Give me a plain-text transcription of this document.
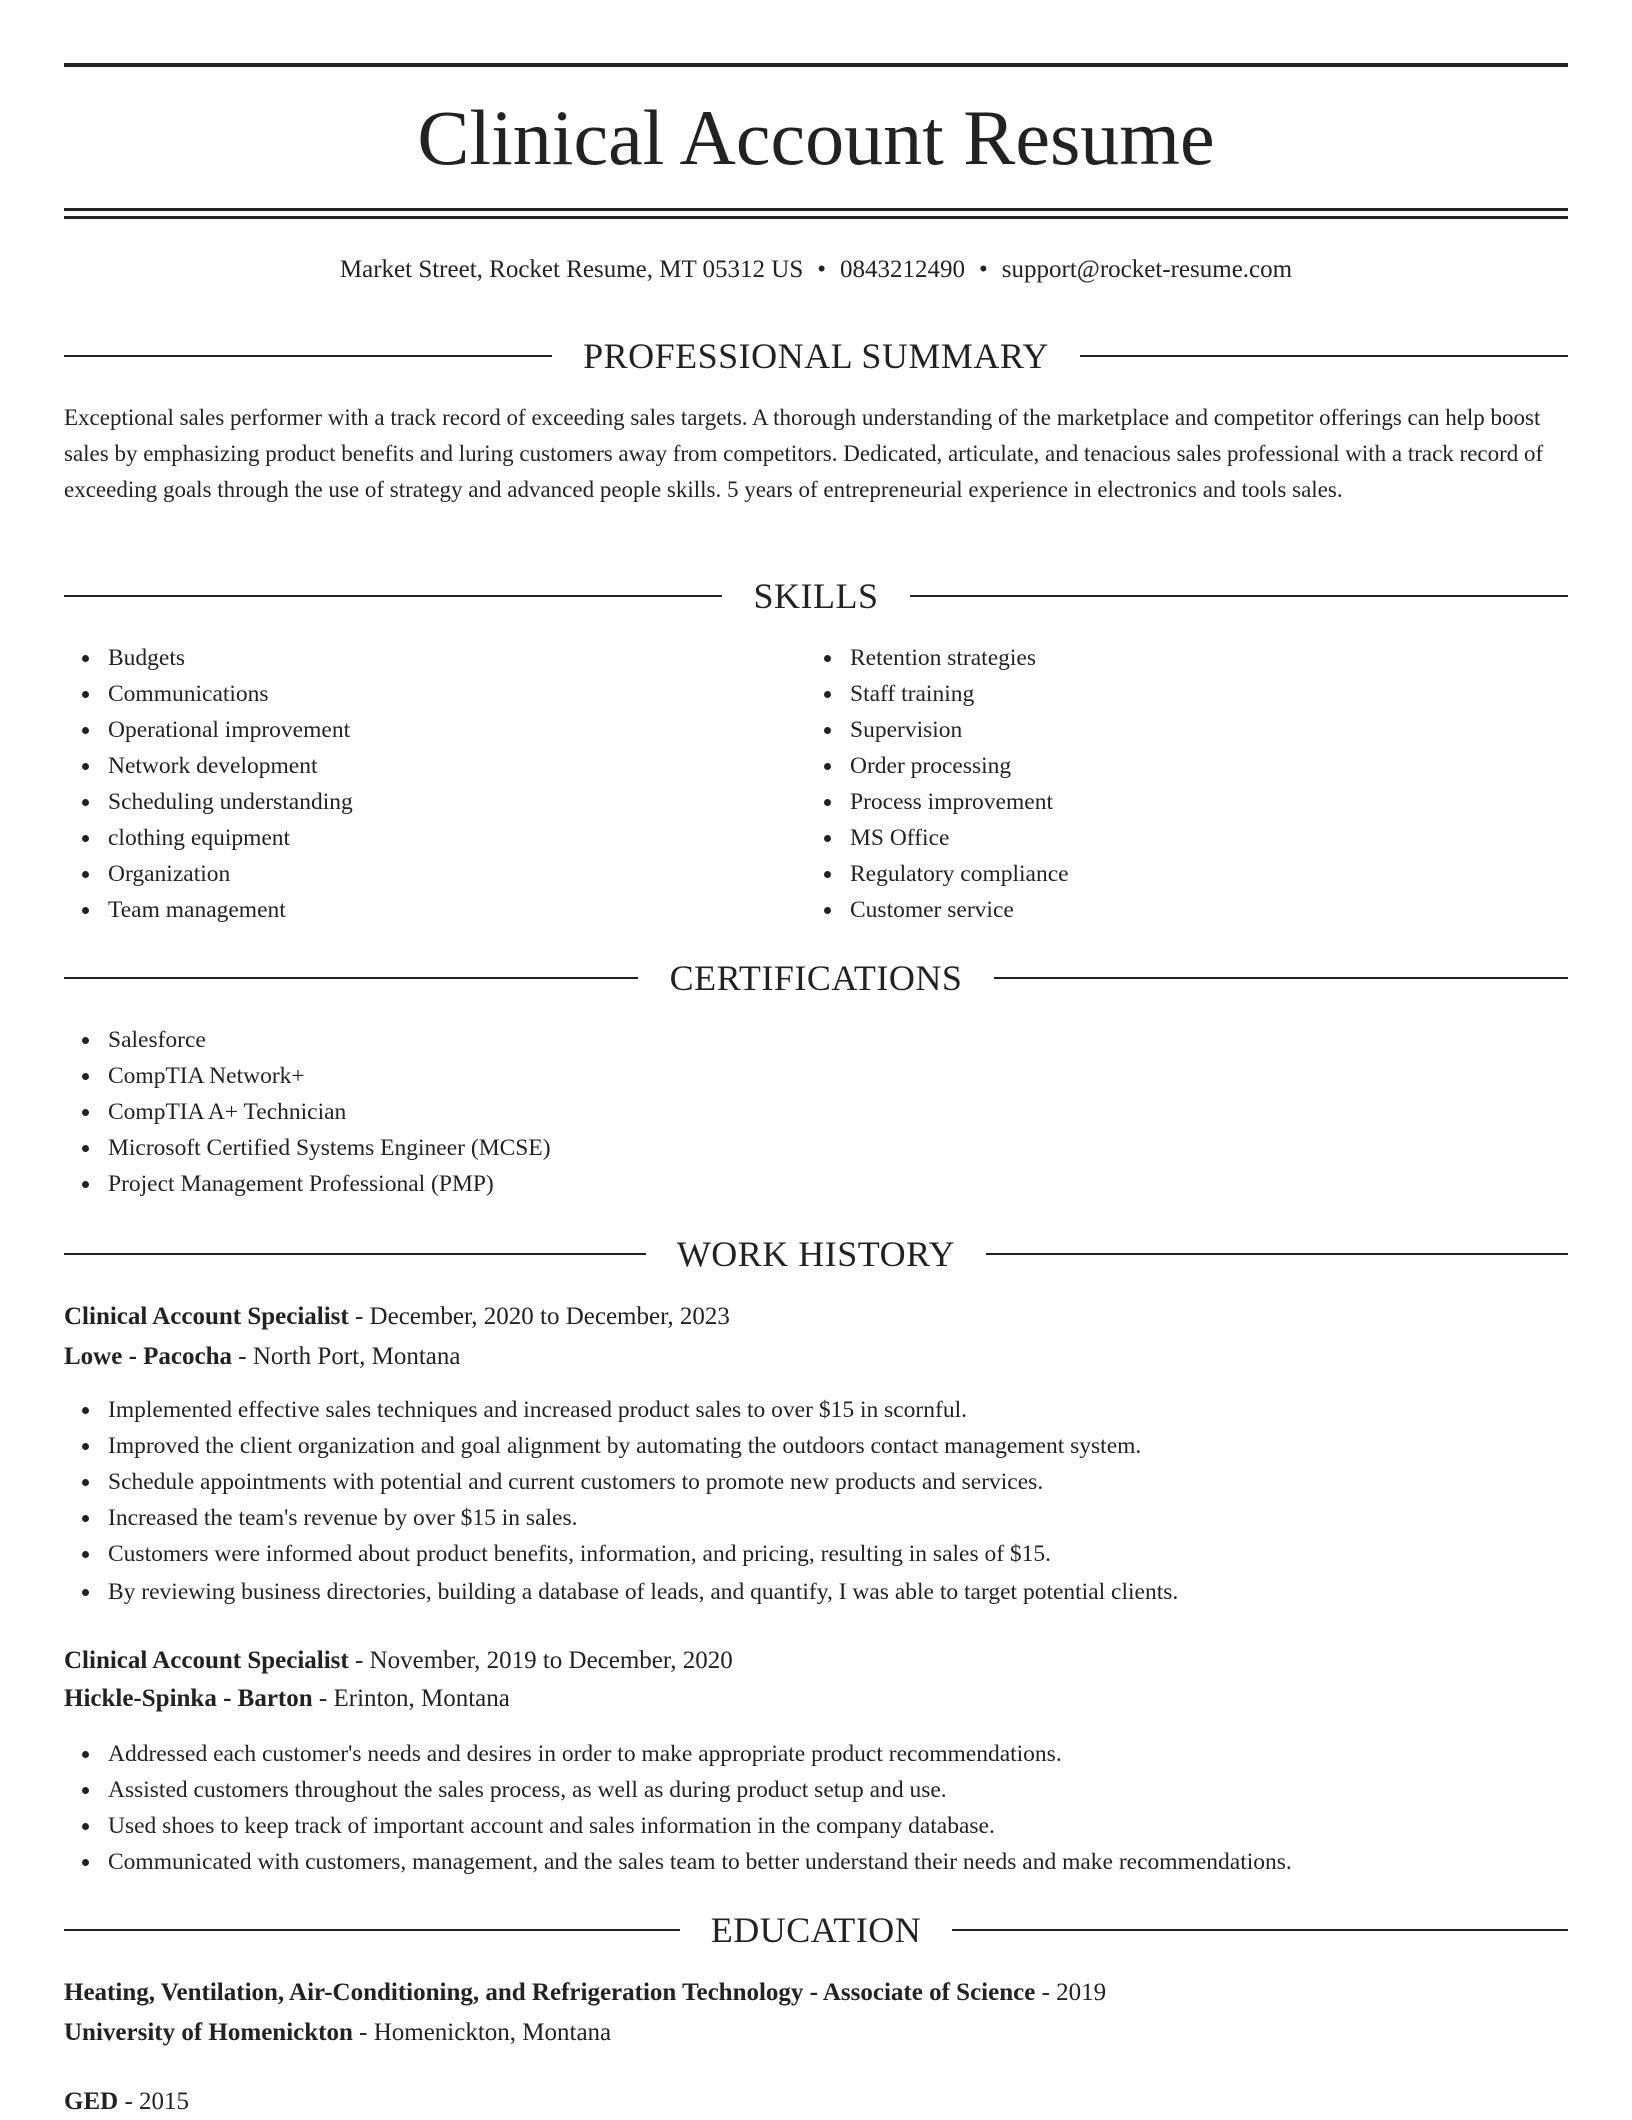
Clinical Account Resume
Market Street, Rocket Resume, MT 05312 US • 0843212490 • support@rocket-resume.com
PROFESSIONAL SUMMARY

Exceptional sales performer with a track record of exceeding sales targets. A thorough understanding of the marketplace and competitor offerings can help boost sales by emphasizing product benefits and luring customers away from competitors. Dedicated, articulate, and tenacious sales professional with a track record of exceeding goals through the use of strategy and advanced people skills. 5 years of entrepreneurial experience in electronics and tools sales.

SKILLS
Budgets
Communications
Operational improvement
Network development
Scheduling understanding
clothing equipment
Organization
Team management
Retention strategies
Staff training
Supervision
Order processing
Process improvement
MS Office
Regulatory compliance
Customer service
CERTIFICATIONS
Salesforce
CompTIA Network+
CompTIA A+ Technician
Microsoft Certified Systems Engineer (MCSE)
Project Management Professional (PMP)
WORK HISTORY
Clinical Account Specialist - December, 2020 to December, 2023
Lowe - Pacocha - North Port, Montana
Implemented effective sales techniques and increased product sales to over $15 in scornful.
Improved the client organization and goal alignment by automating the outdoors contact management system.
Schedule appointments with potential and current customers to promote new products and services.
Increased the team's revenue by over $15 in sales.
Customers were informed about product benefits, information, and pricing, resulting in sales of $15.
By reviewing business directories, building a database of leads, and quantify, I was able to target potential clients.
Clinical Account Specialist - November, 2019 to December, 2020
Hickle-Spinka - Barton - Erinton, Montana
Addressed each customer's needs and desires in order to make appropriate product recommendations.
Assisted customers throughout the sales process, as well as during product setup and use.
Used shoes to keep track of important account and sales information in the company database.
Communicated with customers, management, and the sales team to better understand their needs and make recommendations.
EDUCATION
Heating, Ventilation, Air-Conditioning, and Refrigeration Technology - Associate of Science - 2019
University of Homenickton - Homenickton, Montana
GED - 2015
